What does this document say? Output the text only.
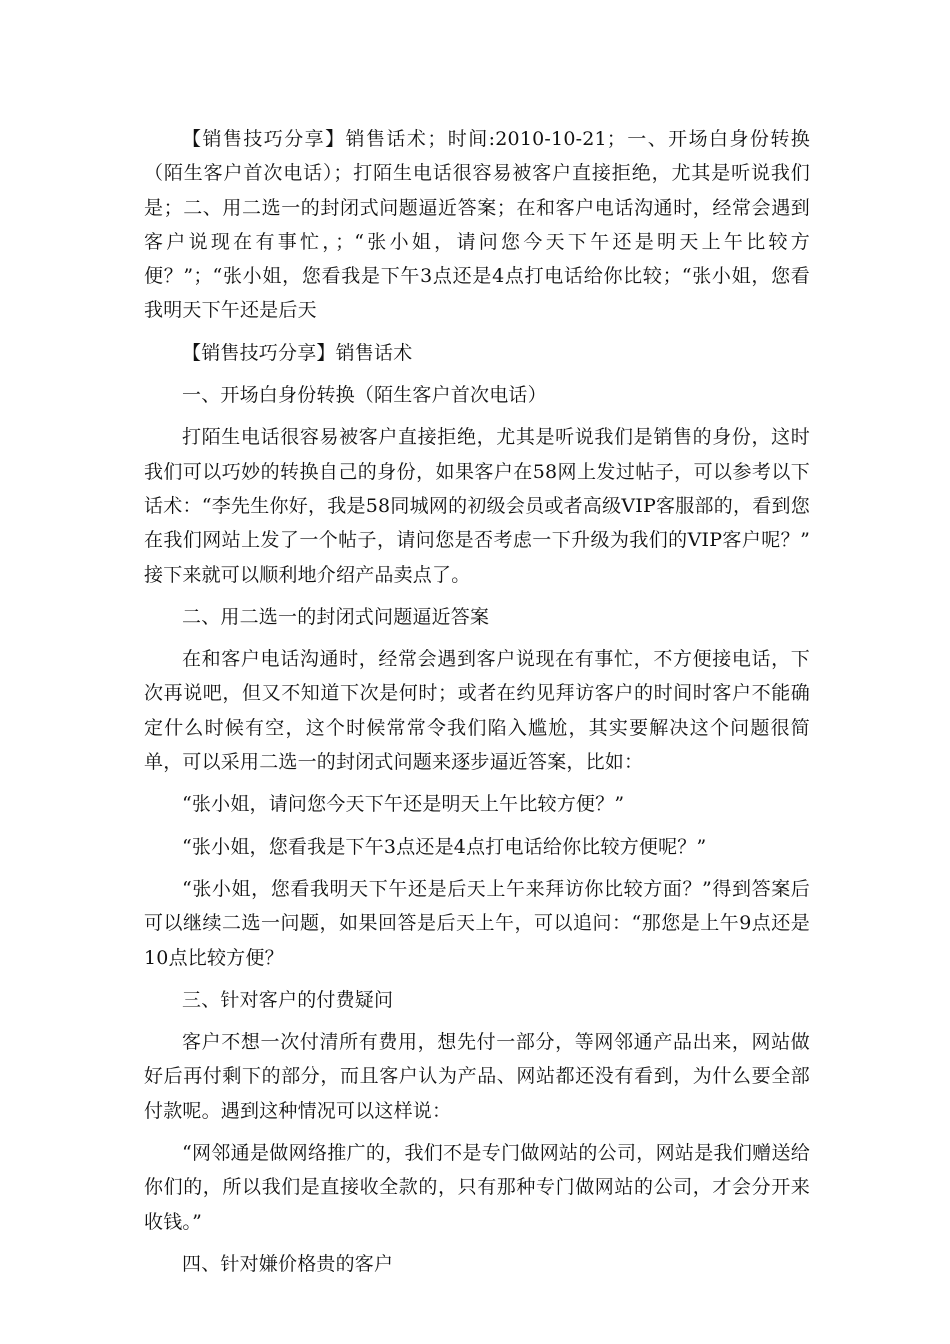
【销售技巧分享】销售话术；时间:2010-10-21；一、开场白身份转换（陌生客户首次电话）；打陌生电话很容易被客户直接拒绝，尤其是听说我们是；二、用二选一的封闭式问题逼近答案；在和客户电话沟通时，经常会遇到客户说现在有事忙，；“张小姐，请问您今天下午还是明天上午比较方便？”；“张小姐，您看我是下午3点还是4点打电话给你比较；“张小姐，您看我明天下午还是后天

【销售技巧分享】销售话术

一、开场白身份转换（陌生客户首次电话）

打陌生电话很容易被客户直接拒绝，尤其是听说我们是销售的身份，这时我们可以巧妙的转换自己的身份，如果客户在58网上发过帖子，可以参考以下话术：“李先生你好，我是58同城网的初级会员或者高级VIP客服部的，看到您在我们网站上发了一个帖子，请问您是否考虑一下升级为我们的VIP客户呢？” 接下来就可以顺利地介绍产品卖点了。

二、用二选一的封闭式问题逼近答案

在和客户电话沟通时，经常会遇到客户说现在有事忙，不方便接电话，下次再说吧，但又不知道下次是何时；或者在约见拜访客户的时间时客户不能确定什么时候有空，这个时候常常令我们陷入尴尬，其实要解决这个问题很简单，可以采用二选一的封闭式问题来逐步逼近答案，比如：

“张小姐，请问您今天下午还是明天上午比较方便？”

“张小姐，您看我是下午3点还是4点打电话给你比较方便呢？”

“张小姐，您看我明天下午还是后天上午来拜访你比较方面？”得到答案后可以继续二选一问题，如果回答是后天上午，可以追问：“那您是上午9点还是10点比较方便？

三、针对客户的付费疑问

客户不想一次付清所有费用，想先付一部分，等网邻通产品出来，网站做好后再付剩下的部分，而且客户认为产品、网站都还没有看到，为什么要全部付款呢。遇到这种情况可以这样说：

“网邻通是做网络推广的，我们不是专门做网站的公司，网站是我们赠送给你们的，所以我们是直接收全款的，只有那种专门做网站的公司，才会分开来收钱。”

四、针对嫌价格贵的客户
